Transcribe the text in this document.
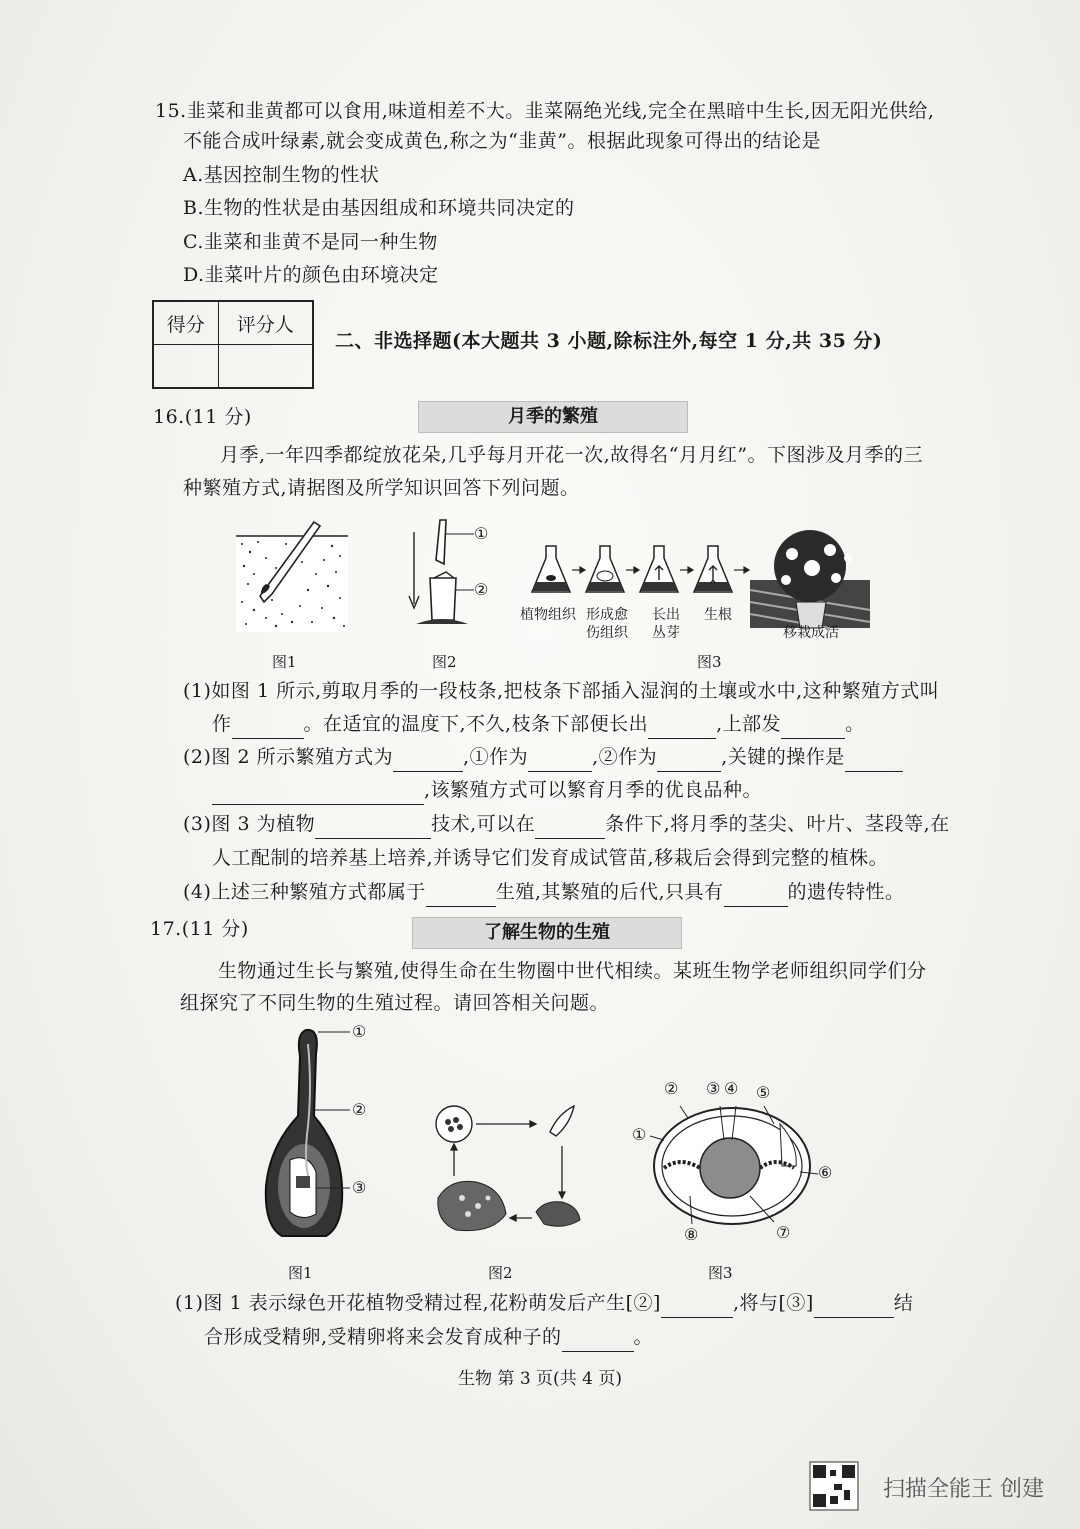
15.韭菜和韭黄都可以食用,味道相差不大。韭菜隔绝光线,完全在黑暗中生长,因无阳光供给,
不能合成叶绿素,就会变成黄色,称之为“韭黄”。根据此现象可得出的结论是
A.基因控制生物的性状
B.生物的性状是由基因组成和环境共同决定的
C.韭菜和韭黄不是同一种生物
D.韭菜叶片的颜色由环境决定
得分	评分人

二、非选择题(本大题共 3 小题,除标注外,每空 1 分,共 35 分)
16.(11 分)	月季的繁殖
月季,一年四季都绽放花朵,几乎每月开花一次,故得名“月月红”。下图涉及月季的三
种繁殖方式,请据图及所学知识回答下列问题。
图1
①
②
图2
植物组织 形成愈
伤组织
长出
丛芽
生根
移栽成活
图3
(1)如图 1 所示,剪取月季的一段枝条,把枝条下部插入湿润的土壤或水中,这种繁殖方式叫
作	。在适宜的温度下,不久,枝条下部便长出	,上部发	。
(2)图 2 所示繁殖方式为	,①作为	,②作为	,关键的操作是
,该繁殖方式可以繁育月季的优良品种。
(3)图 3 为植物	技术,可以在	条件下,将月季的茎尖、叶片、茎段等,在
人工配制的培养基上培养,并诱导它们发育成试管苗,移栽后会得到完整的植株。
(4)上述三种繁殖方式都属于	生殖,其繁殖的后代,只具有	的遗传特性。
17.(11 分)	了解生物的生殖
生物通过生长与繁殖,使得生命在生物圈中世代相续。某班生物学老师组织同学们分
组探究了不同生物的生殖过程。请回答相关问题。
①
②
③
图1	图2
② ③ ④ ⑤
①
⑥
⑦
⑧
图3
(1)图 1 表示绿色开花植物受精过程,花粉萌发后产生[②]	,将与[③]	结
合形成受精卵,受精卵将来会发育成种子的	。
生物 第 3 页(共 4 页)
扫描全能王 创建
